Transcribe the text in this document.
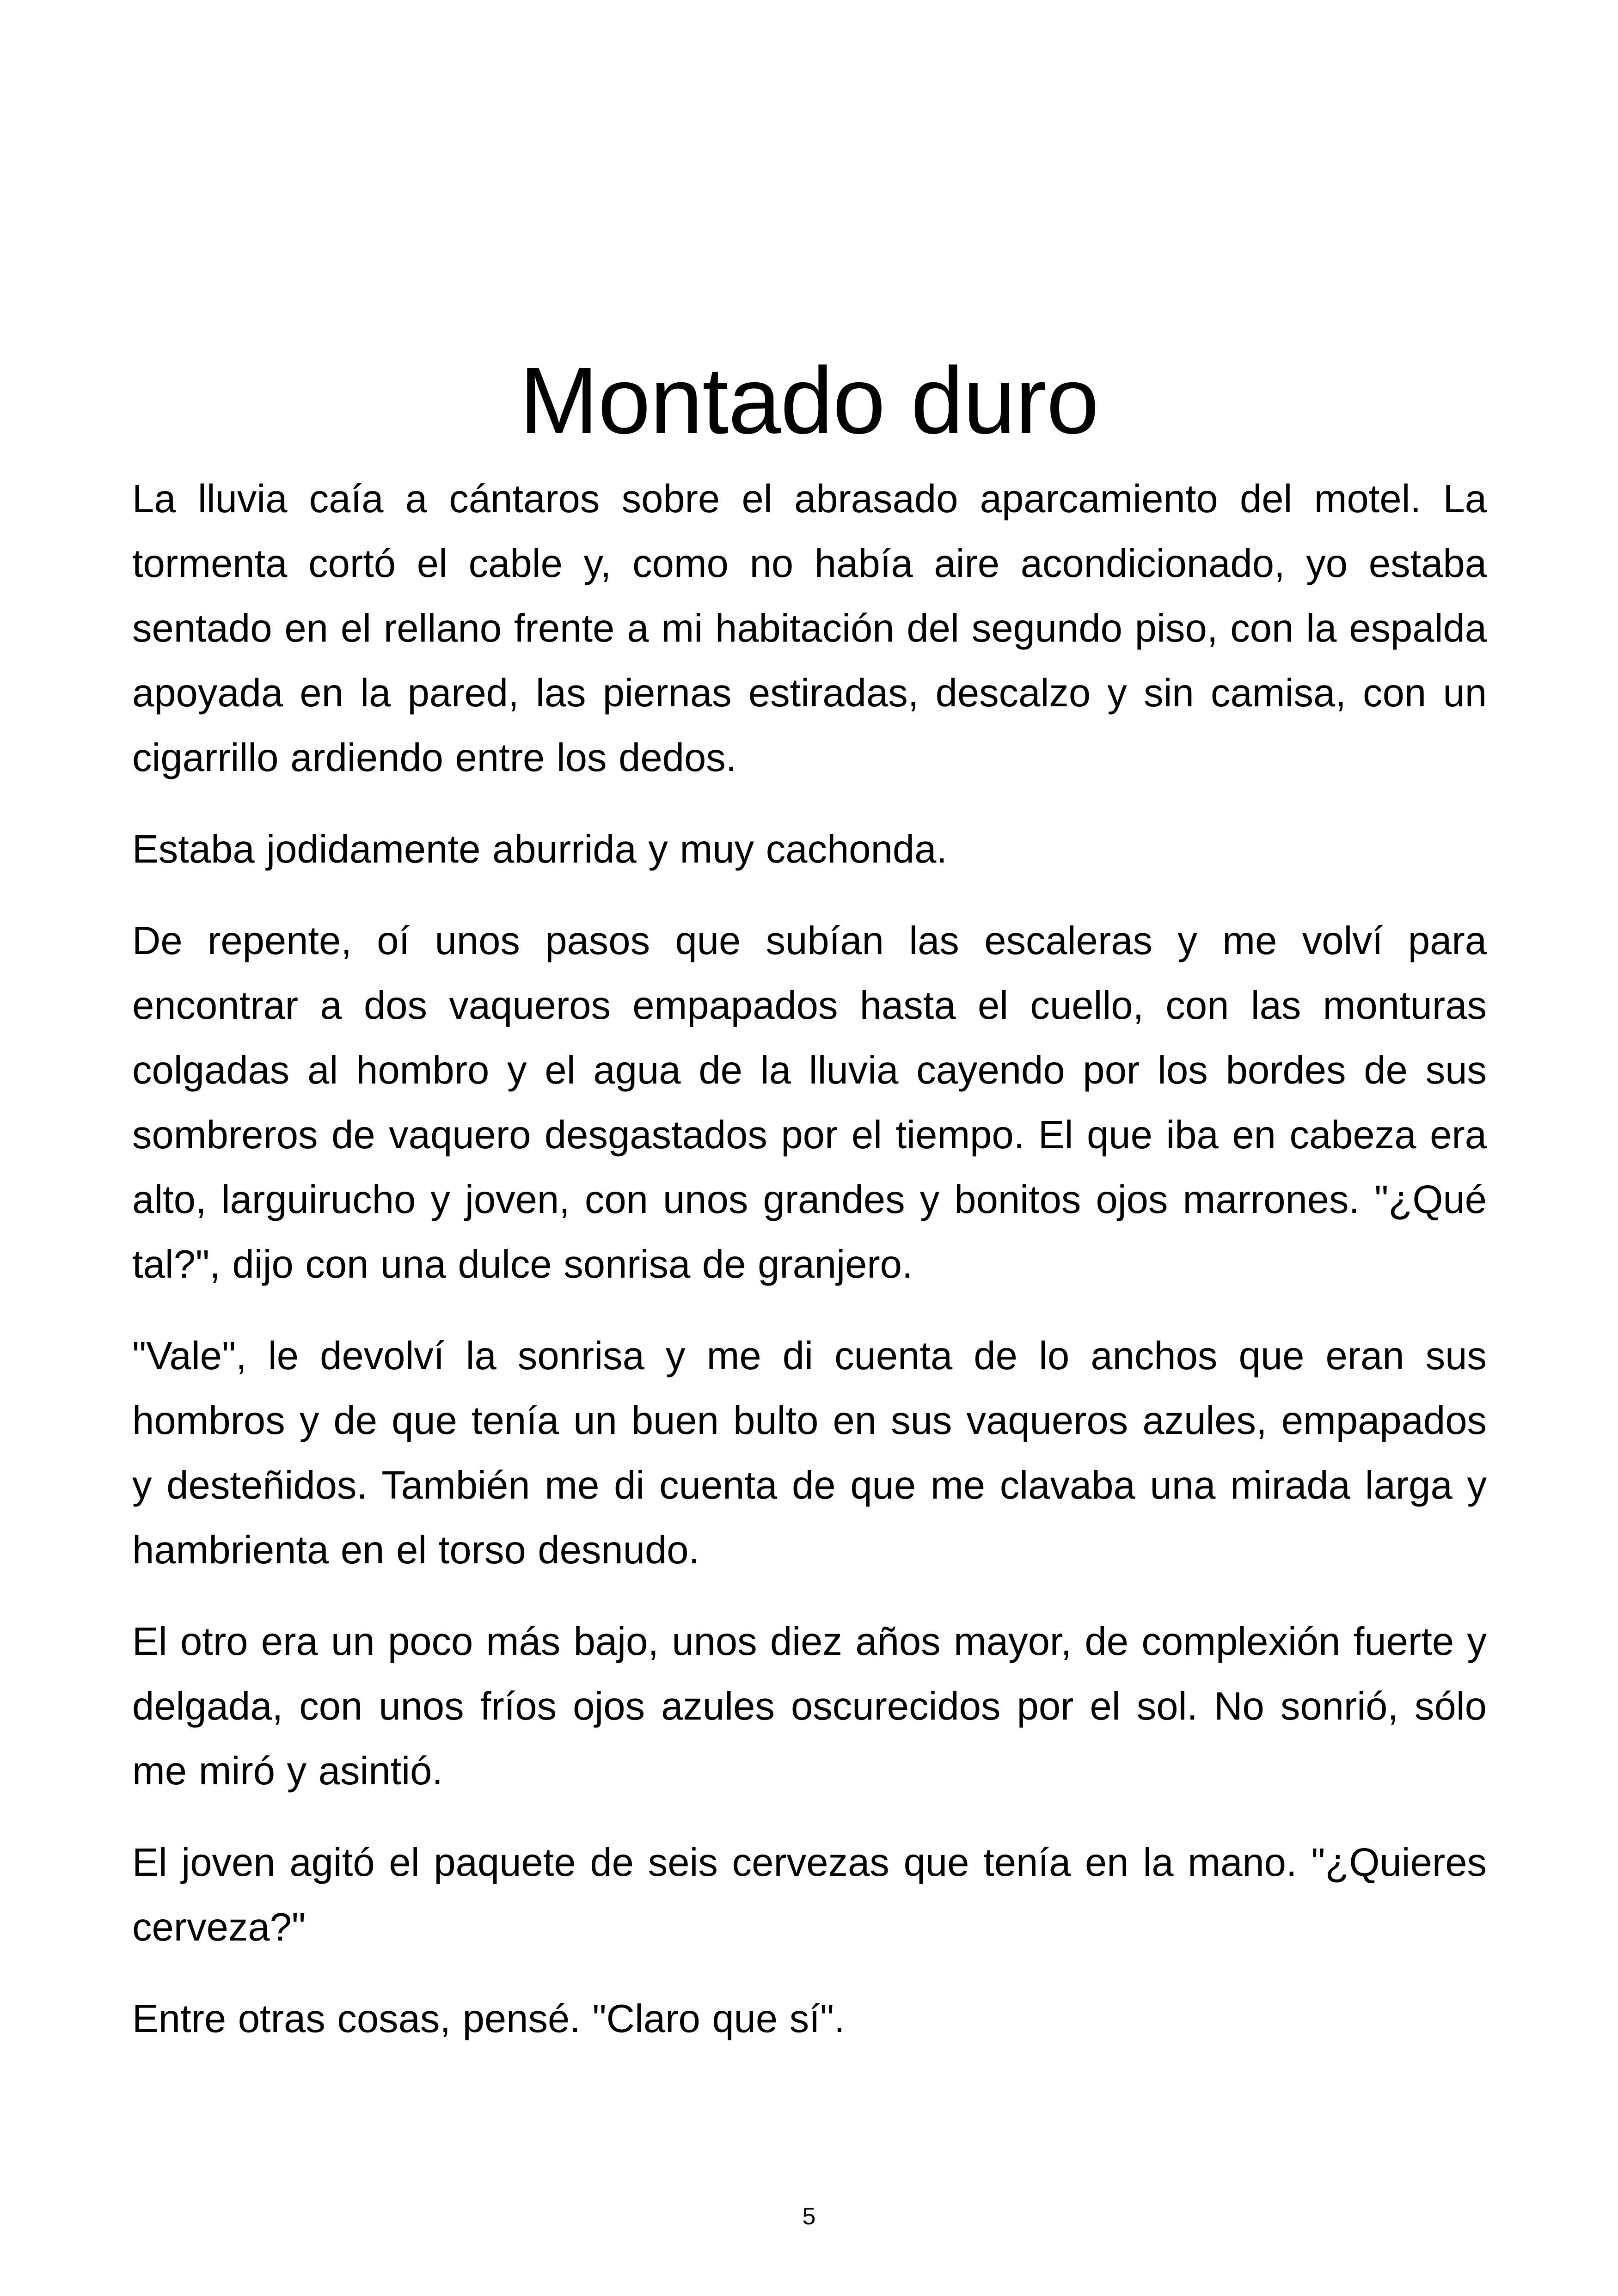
Montado duro

La lluvia caía a cántaros sobre el abrasado aparcamiento del motel. La tormenta cortó el cable y, como no había aire acondicionado, yo estaba sentado en el rellano frente a mi habitación del segundo piso, con la espalda apoyada en la pared, las piernas estiradas, descalzo y sin camisa, con un cigarrillo ardiendo entre los dedos.

Estaba jodidamente aburrida y muy cachonda.

De repente, oí unos pasos que subían las escaleras y me volví para encontrar a dos vaqueros empapados hasta el cuello, con las monturas colgadas al hombro y el agua de la lluvia cayendo por los bordes de sus sombreros de vaquero desgastados por el tiempo. El que iba en cabeza era alto, larguirucho y joven, con unos grandes y bonitos ojos marrones. "¿Qué tal?", dijo con una dulce sonrisa de granjero.

"Vale", le devolví la sonrisa y me di cuenta de lo anchos que eran sus hombros y de que tenía un buen bulto en sus vaqueros azules, empapados y desteñidos. También me di cuenta de que me clavaba una mirada larga y hambrienta en el torso desnudo.

El otro era un poco más bajo, unos diez años mayor, de complexión fuerte y delgada, con unos fríos ojos azules oscurecidos por el sol. No sonrió, sólo me miró y asintió.

El joven agitó el paquete de seis cervezas que tenía en la mano. "¿Quieres cerveza?"

Entre otras cosas, pensé. "Claro que sí".

5
